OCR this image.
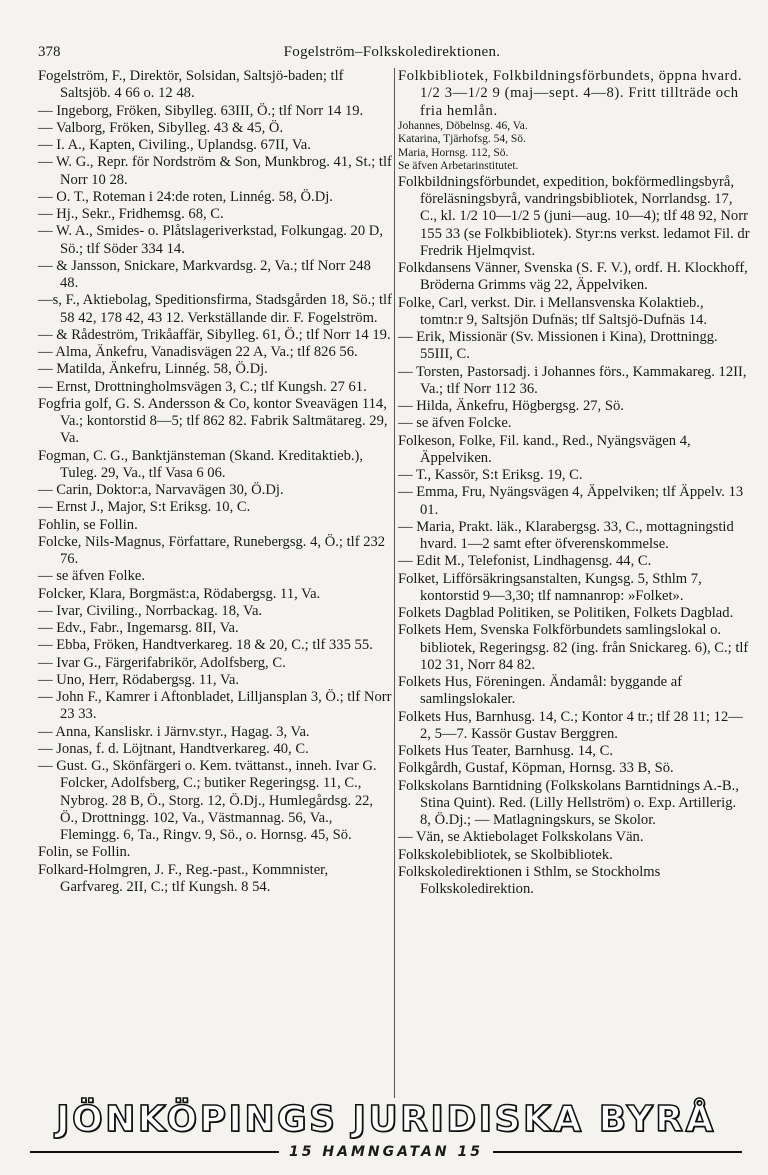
378	Fogelström–Folkskoledirektionen.
Fogelström, F., Direktör, Solsidan, Saltsjö-baden; tlf Saltsjöb. 4 66 o. 12 48.
— Ingeborg, Fröken, Sibylleg. 63III, Ö.; tlf Norr 14 19.
— Valborg, Fröken, Sibylleg. 43 & 45, Ö.
— I. A., Kapten, Civiling., Uplandsg. 67II, Va.
— W. G., Repr. för Nordström & Son, Munkbrog. 41, St.; tlf Norr 10 28.
— O. T., Roteman i 24:de roten, Linnég. 58, Ö.Dj.
— Hj., Sekr., Fridhemsg. 68, C.
— W. A., Smides- o. Plåtslageriverkstad, Folkungag. 20 D, Sö.; tlf Söder 334 14.
— & Jansson, Snickare, Markvardsg. 2, Va.; tlf Norr 248 48.
—s, F., Aktiebolag, Speditionsfirma, Stadsgården 18, Sö.; tlf 58 42, 178 42, 43 12. Verkställande dir. F. Fogelström.
— & Rådeström, Trikåaffär, Sibylleg. 61, Ö.; tlf Norr 14 19.
— Alma, Änkefru, Vanadisvägen 22 A, Va.; tlf 826 56.
— Matilda, Änkefru, Linnég. 58, Ö.Dj.
— Ernst, Drottningholmsvägen 3, C.; tlf Kungsh. 27 61.
Fogfria golf, G. S. Andersson & Co, kontor Sveavägen 114, Va.; kontorstid 8—5; tlf 862 82. Fabrik Saltmätareg. 29, Va.
Fogman, C. G., Banktjänsteman (Skand. Kreditaktieb.), Tuleg. 29, Va., tlf Vasa 6 06.
— Carin, Doktor:a, Narvavägen 30, Ö.Dj.
— Ernst J., Major, S:t Eriksg. 10, C.
Fohlin, se Follin.
Folcke, Nils-Magnus, Författare, Runebergsg. 4, Ö.; tlf 232 76.
— se äfven Folke.
Folcker, Klara, Borgmäst:a, Rödabergsg. 11, Va.
— Ivar, Civiling., Norrbackag. 18, Va.
— Edv., Fabr., Ingemarsg. 8II, Va.
— Ebba, Fröken, Handtverkareg. 18 & 20, C.; tlf 335 55.
— Ivar G., Färgerifabrikör, Adolfsberg, C.
— Uno, Herr, Rödabergsg. 11, Va.
— John F., Kamrer i Aftonbladet, Lilljansplan 3, Ö.; tlf Norr 23 33.
— Anna, Kansliskr. i Järnv.styr., Hagag. 3, Va.
— Jonas, f. d. Löjtnant, Handtverkareg. 40, C.
— Gust. G., Skönfärgeri o. Kem. tvättanst., inneh. Ivar G. Folcker, Adolfsberg, C.; butiker Regeringsg. 11, C., Nybrog. 28 B, Ö., Storg. 12, Ö.Dj., Humlegårdsg. 22, Ö., Drottningg. 102, Va., Västmannag. 56, Va., Flemingg. 6, Ta., Ringv. 9, Sö., o. Hornsg. 45, Sö.
Folin, se Follin.
Folkard-Holmgren, J. F., Reg.-past., Kommnister, Garfvareg. 2II, C.; tlf Kungsh. 8 54.
Folkbibliotek, Folkbildningsförbundets, öppna hvard. 1/2 3—1/2 9 (maj—sept. 4—8). Fritt tillträde och fria hemlån.
Johannes, Döbelnsg. 46, Va.
Katarina, Tjärhofsg. 54, Sö.
Maria, Hornsg. 112, Sö.
Se äfven Arbetarinstitutet.
Folkbildningsförbundet, expedition, bokförmedlingsbyrå, föreläsningsbyrå, vandringsbibliotek, Norrlandsg. 17, C., kl. 1/2 10—1/2 5 (juni—aug. 10—4); tlf 48 92, Norr 155 33 (se Folkbibliotek). Styr:ns verkst. ledamot Fil. dr Fredrik Hjelmqvist.
Folkdansens Vänner, Svenska (S. F. V.), ordf. H. Klockhoff, Bröderna Grimms väg 22, Äppelviken.
Folke, Carl, verkst. Dir. i Mellansvenska Kolaktieb., tomtn:r 9, Saltsjön Dufnäs; tlf Saltsjö-Dufnäs 14.
— Erik, Missionär (Sv. Missionen i Kina), Drottningg. 55III, C.
— Torsten, Pastorsadj. i Johannes förs., Kammakareg. 12II, Va.; tlf Norr 112 36.
— Hilda, Änkefru, Högbergsg. 27, Sö.
— se äfven Folcke.
Folkeson, Folke, Fil. kand., Red., Nyängsvägen 4, Äppelviken.
— T., Kassör, S:t Eriksg. 19, C.
— Emma, Fru, Nyängsvägen 4, Äppelviken; tlf Äppelv. 13 01.
— Maria, Prakt. läk., Klarabergsg. 33, C., mottagningstid hvard. 1—2 samt efter öfverenskommelse.
— Edit M., Telefonist, Lindhagensg. 44, C.
Folket, Lifförsäkringsanstalten, Kungsg. 5, Sthlm 7, kontorstid 9—3,30; tlf namnanrop: »Folket».
Folkets Dagblad Politiken, se Politiken, Folkets Dagblad.
Folkets Hem, Svenska Folkförbundets samlingslokal o. bibliotek, Regeringsg. 82 (ing. från Snickareg. 6), C.; tlf 102 31, Norr 84 82.
Folkets Hus, Föreningen. Ändamål: byggande af samlingslokaler.
Folkets Hus, Barnhusg. 14, C.; Kontor 4 tr.; tlf 28 11; 12—2, 5—7. Kassör Gustav Berggren.
Folkets Hus Teater, Barnhusg. 14, C.
Folkgårdh, Gustaf, Köpman, Hornsg. 33 B, Sö.
Folkskolans Barntidning (Folkskolans Barntidnings A.-B., Stina Quint). Red. (Lilly Hellström) o. Exp. Artillerig. 8, Ö.Dj.; — Matlagningskurs, se Skolor.
— Vän, se Aktiebolaget Folkskolans Vän.
Folkskolebibliotek, se Skolbibliotek.
Folkskoledirektionen i Sthlm, se Stockholms Folkskoledirektion.
JÖNKÖPINGS JURIDISKA BYRÅ
15 HAMNGATAN 15
